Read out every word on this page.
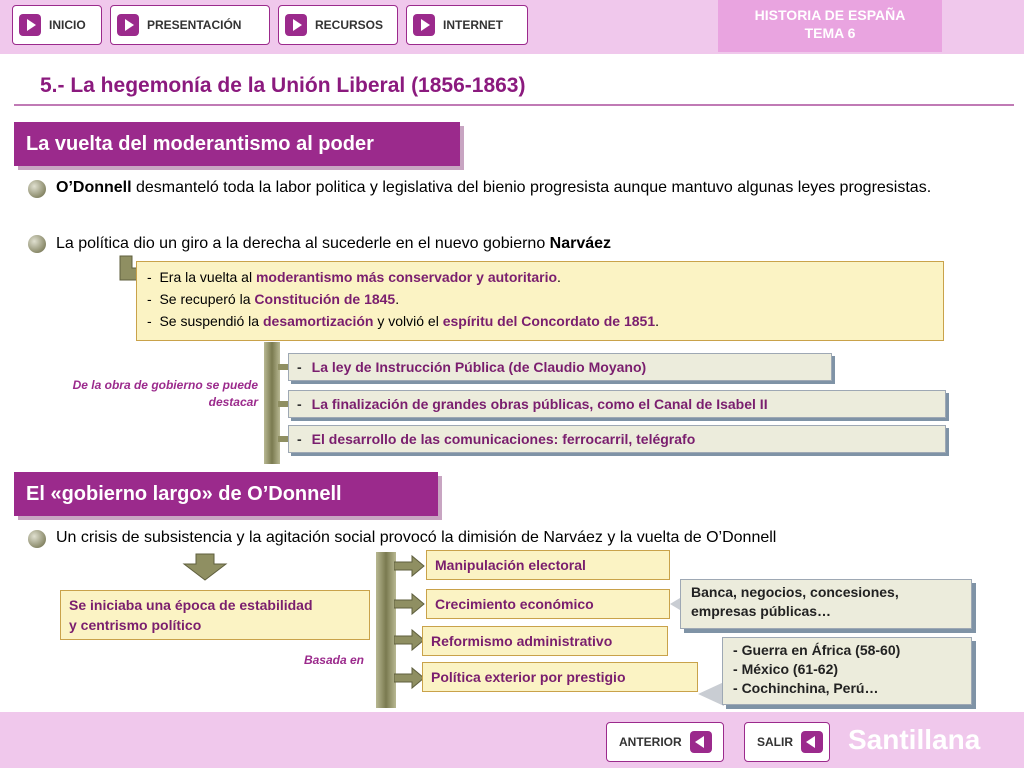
INICIO	PRESENTACIÓN	RECURSOS	INTERNET
HISTORIA DE ESPAÑA
TEMA 6
5.- La hegemonía de la Unión Liberal (1856-1863)
La vuelta del moderantismo al poder
O’Donnell desmanteló toda la labor politica y legislativa del bienio progresista aunque mantuvo algunas leyes progresistas.
La política dio un giro a la derecha al sucederle en el nuevo gobierno Narváez
-  Era la vuelta al moderantismo más conservador y autoritario.
-  Se recuperó la Constitución de 1845.
-  Se suspendió la desamortización y volvió el espíritu del Concordato de 1851.
De la obra de gobierno se puede destacar
- La ley de Instrucción Pública (de Claudio Moyano)
- La finalización de grandes obras públicas, como el Canal de Isabel II
- El desarrollo de las comunicaciones: ferrocarril, telégrafo
El «gobierno largo» de O’Donnell
Un crisis de subsistencia y la agitación social provocó la dimisión de Narváez y la vuelta de O’Donnell
Se iniciaba una época de estabilidad
y centrismo político
Basada en
Manipulación electoral
Crecimiento económico
Reformismo administrativo
Política exterior por prestigio
Banca, negocios, concesiones,
empresas públicas…
- Guerra en África (58-60)
- México (61-62)
- Cochinchina, Perú…
ANTERIOR	SALIR Santillana
